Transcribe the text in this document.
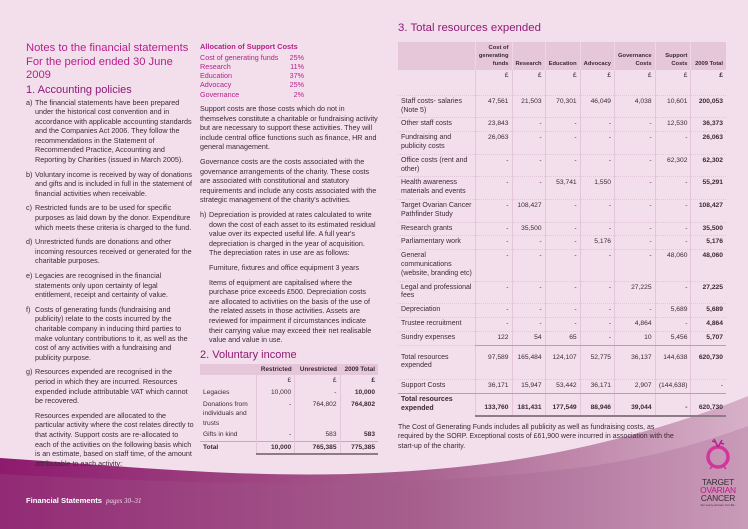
Notes to the financial statements
For the period ended 30 June 2009
1. Accounting policies
a) The financial statements have been prepared under the historical cost convention and in accordance with applicable accounting standards and the Companies Act 2006. They follow the recommendations in the Statement of Recommended Practice, Accounting and Reporting by Charities (issued in March 2005).
b) Voluntary income is received by way of donations and gifts and is included in full in the statement of financial activities when receivable.
c) Restricted funds are to be used for specific purposes as laid down by the donor. Expenditure which meets these criteria is charged to the fund.
d) Unrestricted funds are donations and other incoming resources received or generated for the charitable purposes.
e) Legacies are recognised in the financial statements only upon certainty of legal entitlement, receipt and certainty of value.
f) Costs of generating funds (fundraising and publicity) relate to the costs incurred by the charitable company in inducing third parties to make voluntary contributions to it, as well as the cost of any activities with a fundraising and publicity purpose.
g) Resources expended are recognised in the period in which they are incurred. Resources expended include attributable VAT which cannot be recovered.
Resources expended are allocated to the particular activity where the cost relates directly to that activity. Support costs are re-allocated to each of the activities on the following basis which is an estimate, based on staff time, of the amount attributable to each activity:
Allocation of Support Costs
Cost of generating funds 25%
Research	11%
Education	37%
Advocacy	25%
Governance	2%
Support costs are those costs which do not in themselves constitute a charitable or fundraising activity but are necessary to support these activities. They will include central office functions such as finance, HR and general management.
Governance costs are the costs associated with the governance arrangements of the charity. These costs are associated with constitutional and statutory requirements and include any costs associated with the strategic management of the charity's activities.
h) Depreciation is provided at rates calculated to write down the cost of each asset to its estimated residual value over its expected useful life. A full year's depreciation is charged in the year of acquisition. The depreciation rates in use are as follows:
Furniture, fixtures and office equipment 3 years
Items of equipment are capitalised where the purchase price exceeds £500. Depreciation costs are allocated to activities on the basis of the use of the related assets in those activities. Assets are reviewed for impairment if circumstances indicate their carrying value may exceed their net realisable value and value in use.
2. Voluntary income
	Restricted	Unrestricted	2009 Total
	£	£	£
Legacies	10,000	-	10,000
Donations from individuals and trusts	-	764,802	764,802
Gifts in kind	-	583	583
Total	10,000	765,385	775,385
3. Total resources expended
	Cost of generating funds	Research	Education	Advocacy	Governance Costs	Support Costs	2009 Total
	£	£	£	£	£	£	£
Staff costs- salaries (Note 5)	47,561	21,503	70,301	46,049	4,038	10,601	200,053
Other staff costs	23,843	-	-	-	-	12,530	36,373
Fundraising and publicity costs	26,063	-	-	-	-	-	26,063
Office costs (rent and other)	-	-	-	-	-	62,302	62,302
Health awareness materials and events	-	-	53,741	1,550	-	-	55,291
Target Ovarian Cancer Pathfinder Study	-	108,427	-	-	-	-	108,427
Research grants	-	35,500	-	-	-	-	35,500
Parliamentary work	-	-	-	5,176	-	-	5,176
General communications (website, branding etc)	-	-	-	-	-	48,060	48,060
Legal and professional fees	-	-	-	-	27,225	-	27,225
Depreciation	-	-	-	-	-	5,689	5,689
Trustee recruitment	-	-	-	-	4,864	-	4,864
Sundry expenses	122	54	65	-	10	5,456	5,707
Total resources expended	97,589	165,484	124,107	52,775	36,137	144,638	620,730
Support Costs	36,171	15,947	53,442	36,171	2,907	(144,638)	-
Total resources expended	133,760	181,431	177,549	88,946	39,044	-	620,730
The Cost of Generating Funds includes all publicity as well as fundraising costs, as required by the SORP. Exceptional costs of £61,900 were incurred in association with the start-up of the charity.
Financial Statements pages 30–31
TARGET
OVARIAN
CANCER
For every woman. For life.
